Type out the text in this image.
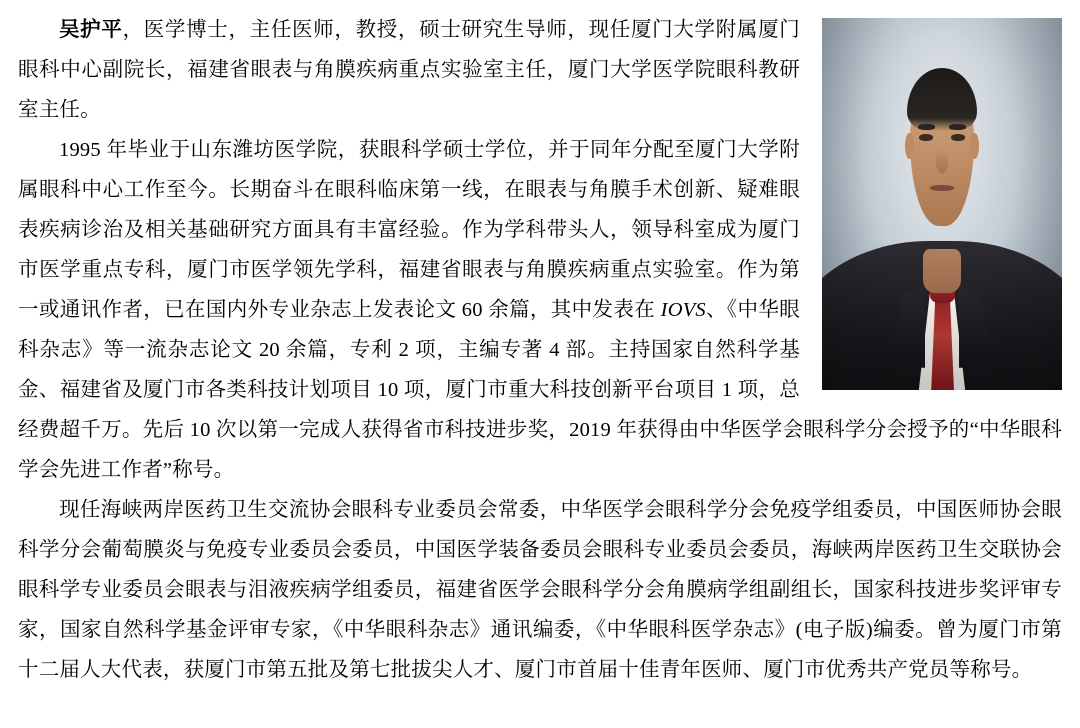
吴护平，医学博士，主任医师，教授，硕士研究生导师，现任厦门大学附属厦门眼科中心副院长，福建省眼表与角膜疾病重点实验室主任，厦门大学医学院眼科教研室主任。

1995 年毕业于山东潍坊医学院，获眼科学硕士学位，并于同年分配至厦门大学附属眼科中心工作至今。长期奋斗在眼科临床第一线，在眼表与角膜手术创新、疑难眼表疾病诊治及相关基础研究方面具有丰富经验。作为学科带头人，领导科室成为厦门市医学重点专科，厦门市医学领先学科，福建省眼表与角膜疾病重点实验室。作为第一或通讯作者，已在国内外专业杂志上发表论文 60 余篇，其中发表在 IOVS、《中华眼科杂志》等一流杂志论文 20 余篇，专利 2 项，主编专著 4 部。主持国家自然科学基金、福建省及厦门市各类科技计划项目 10 项，厦门市重大科技创新平台项目 1 项，总经费超千万。先后 10 次以第一完成人获得省市科技进步奖，2019 年获得由中华医学会眼科学分会授予的“中华眼科学会先进工作者”称号。

现任海峡两岸医药卫生交流协会眼科专业委员会常委，中华医学会眼科学分会免疫学组委员，中国医师协会眼科学分会葡萄膜炎与免疫专业委员会委员，中国医学装备委员会眼科专业委员会委员，海峡两岸医药卫生交联协会眼科学专业委员会眼表与泪液疾病学组委员，福建省医学会眼科学分会角膜病学组副组长，国家科技进步奖评审专家，国家自然科学基金评审专家，《中华眼科杂志》通讯编委，《中华眼科医学杂志》(电子版)编委。曾为厦门市第十二届人大代表，获厦门市第五批及第七批拔尖人才、厦门市首届十佳青年医师、厦门市优秀共产党员等称号。
